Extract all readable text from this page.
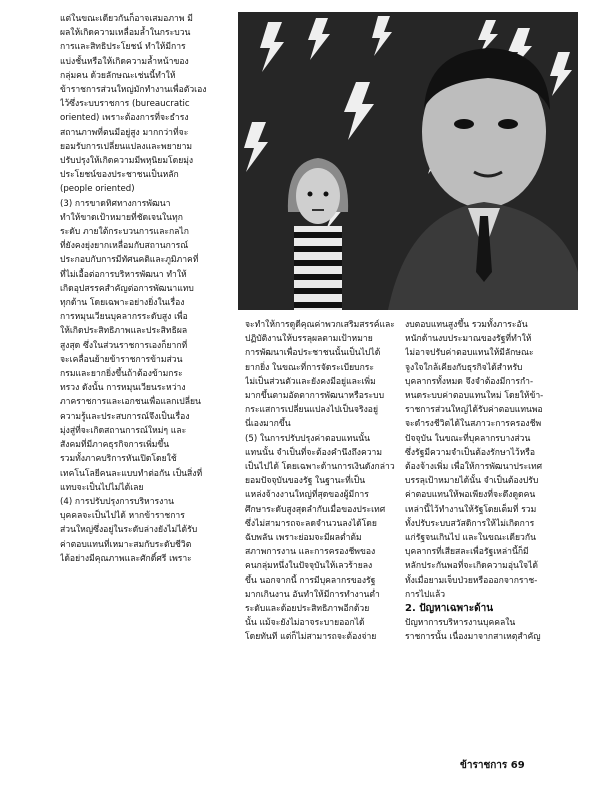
แต่ในขณะเดียวกันก็อาจเสมอภาพ มี

ผลให้เกิดความเหลื่อมล้ำในกระบวน

การและสิทธิประโยชน์ ทำให้มีการ

แบ่งชั้นหรือให้เกิดความล้ำหน้าของ

กลุ่มคน ด้วยลักษณะเช่นนี้ทำให้

ข้าราชการส่วนใหญ่มักทำงานเพื่อตัวเอง

ไว้ซึ่งระบบราชการ (bureaucratic

oriented) เพราะต้องการที่จะธำรง

สถานภาพที่ตนมีอยู่สูง มากกว่าที่จะ

ยอมรับการเปลี่ยนแปลงและพยายาม

ปรับปรุงให้เกิดความมีพหุนิยมโดยมุ่ง

ประโยชน์ของประชาชนเป็นหลัก

(people oriented)

(3) การขาดทิศทางการพัฒนา

ทำให้ขาดเป้าหมายที่ชัดเจนในทุก

ระดับ ภายใต้กระบวนการและกลไก

ที่ยังคงยุ่งยากเหลื่อมกับสถานการณ์

ประกอบกับการมีทัศนคติและภูมิภาคที่

ที่ไม่เอื้อต่อการบริหารพัฒนา ทำให้

เกิดอุปสรรคสำคัญต่อการพัฒนาแทบ

ทุกด้าน โดยเฉพาะอย่างยิ่งในเรื่อง

การหมุนเวียนบุคลากรระดับสูง เพื่อ

ให้เกิดประสิทธิภาพและประสิทธิผล

สูงสุด ซึ่งในส่วนราชการเองก็ยากที่

จะเคลื่อนย้ายข้าราชการข้ามส่วน

กรมและยากยิ่งขึ้นถ้าต้องข้ามกระ

ทรวง ดังนั้น การหมุนเวียนระหว่าง

ภาคราชการและเอกชนเพื่อแลกเปลี่ยน

ความรู้และประสบการณ์จึงเป็นเรื่อง

มุ่งสู่ที่จะเกิดสถานการณ์ใหม่ๆ และ

สังคมที่มีภาคธุรกิจการเพิ่มขึ้น

รวมทั้งภาคบริการหันเปิดโดยใช้

เทคโนโลยีคนละแบบทำต่อกัน เป็นสิ่งที่

แทบจะเป็นไปไม่ได้เลย

(4) การปรับปรุงการบริหารงาน

บุคคลจะเป็นไปได้ หากข้าราชการ

ส่วนใหญ่ซึ่งอยู่ในระดับล่างยังไม่ได้รับ

ค่าตอบแทนที่เหมาะสมกับระดับชีวิต

ได้อย่างมีคุณภาพและศักดิ์ศรี เพราะ

จะทำให้การดูดีคุณค่าพวกเสริมสรรค์และ

ปฏิบัติงานให้บรรลุผลตามเป้าหมาย

การพัฒนาเพื่อประชาชนนั้นเป็นไปได้

ยากยิ่ง ในขณะที่การจัดระเบียบกระ

ไม่เป็นส่วนตัวและยังคงมีอยู่และเพิ่ม

มากขึ้นตามอัตตาการพัฒนาหรือระบบ

กระแสการเปลี่ยนแปลงไปเป็นจริงอยู่

นี่เองมากขึ้น

(5) ในการปรับปรุงค่าตอบแทนนั้น

แทนนั้น จำเป็นที่จะต้องคำนึงถึงความ

เป็นไปได้ โดยเฉพาะด้านการเงินดังกล่าว

ยอมปัจจุบันของรัฐ ในฐานะที่เป็น

แหล่งจ้างงานใหญ่ที่สุดของผู้มีการ

ศึกษาระดับสูงสุดลำกับเมื่อของประเทศ

ซึ่งไม่สามารถจะลดจำนวนลงได้โดย

ฉับพลัน เพราะย่อมจะมีผลต่ำต้ม

สภาพการงาน และการครองชีพของ

คนกลุ่มหนึ่งในปัจจุบันให้เลวร้ายลง

ขึ้น นอกจากนี้ การมีบุคลากรของรัฐ

มากเกินงาน อันทำให้มีการทำงานต่ำ

ระดับและด้อยประสิทธิภาพอีกด้วย

นั้น แม้จะยังไม่อาจระบายออกได้

โดยทันที แต่ก็ไม่สามารถจะต้องจ่าย

งบตอบแทนสูงขึ้น รวมทั้งภาระอัน

หนักด้านงบประมาณของรัฐที่ทำให้

ไม่อาจปรับค่าตอบแทนให้มีลักษณะ

จูงใจใกล้เคียงกับธุรกิจได้สำหรับ

บุคลากรทั้งหมด จึงจำต้องมีการกำ-

หนดระบบค่าตอบแทนใหม่ โดยให้ข้า-

ราชการส่วนใหญ่ได้รับค่าตอบแทนพอ

จะดำรงชีวิตได้ในสภาวะการครองชีพ

ปัจจุบัน ในขณะที่บุคลากรบางส่วน

ซึ่งรัฐมีความจำเป็นต้องรักษาไว้หรือ

ต้องจ้างเพิ่ม เพื่อให้การพัฒนาประเทศ

บรรลุเป้าหมายได้นั้น จำเป็นต้องปรับ

ค่าตอบแทนให้พอเพียงที่จะดึงดูดคน

เหล่านี้ไว้ทำงานให้รัฐโดยเต็มที่ รวม

ทั้งปรับระบบสวัสดิการให้ไม่เกิดการ

แก่รัฐจนเกินไป และในขณะเดียวกัน

บุคลากรที่เสียสละเพื่อรัฐเหล่านี้ก็มี

หลักประกันพอที่จะเกิดความอุ่นใจได้

ทั้งเมื่อยามเจ็บป่วยหรือออกจากราช-

การไปแล้ว

2. ปัญหาเฉพาะด้าน

ปัญหาการบริหารงานบุคคลใน

ราชการนั้น เนื่องมาจากสาเหตุสำคัญ

ข้าราชการ 69
